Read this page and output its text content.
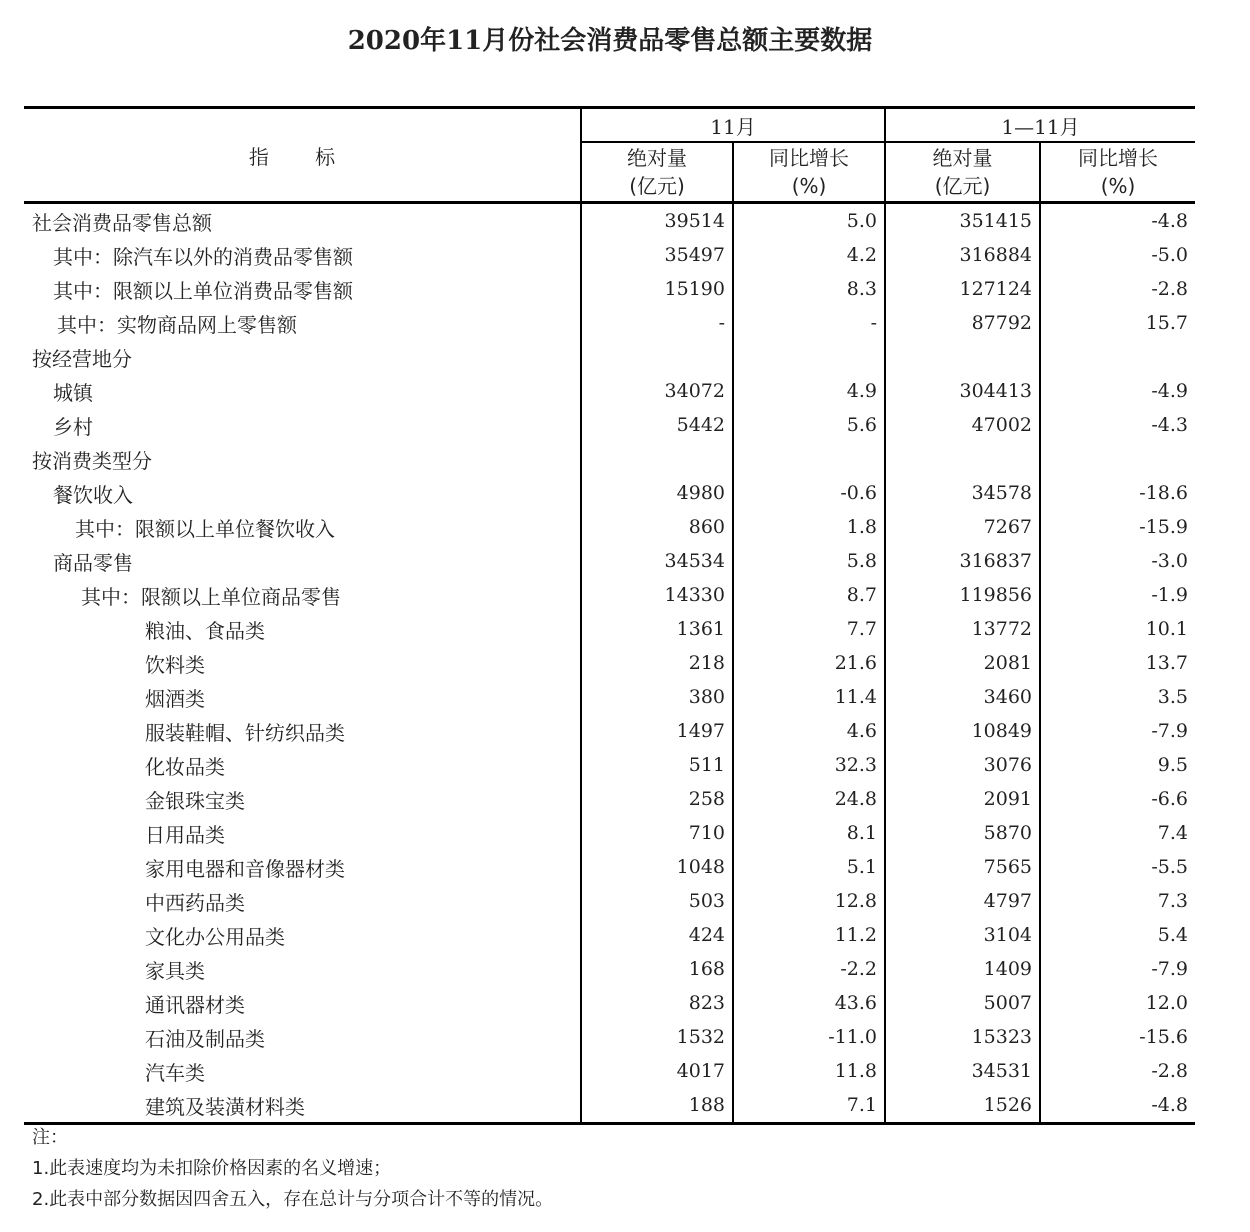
2020年11月份社会消费品零售总额主要数据
指 标	11月		1—11月	

绝对量
(亿元)

同比增长
(%)

绝对量
(亿元)

同比增长
(%)

社会消费品零售总额	39514	5.0	351415	-4.8
其中：除汽车以外的消费品零售额	35497	4.2	316884	-5.0
其中：限额以上单位消费品零售额	15190	8.3	127124	-2.8
其中：实物商品网上零售额	-	-	87792	15.7
按经营地分				
城镇	34072	4.9	304413	-4.9
乡村	5442	5.6	47002	-4.3
按消费类型分				
餐饮收入	4980	-0.6	34578	-18.6
其中：限额以上单位餐饮收入	860	1.8	7267	-15.9
商品零售	34534	5.8	316837	-3.0
其中：限额以上单位商品零售	14330	8.7	119856	-1.9
粮油、食品类	1361	7.7	13772	10.1
饮料类	218	21.6	2081	13.7
烟酒类	380	11.4	3460	3.5
服装鞋帽、针纺织品类	1497	4.6	10849	-7.9
化妆品类	511	32.3	3076	9.5
金银珠宝类	258	24.8	2091	-6.6
日用品类	710	8.1	5870	7.4
家用电器和音像器材类	1048	5.1	7565	-5.5
中西药品类	503	12.8	4797	7.3
文化办公用品类	424	11.2	3104	5.4
家具类	168	-2.2	1409	-7.9
通讯器材类	823	43.6	5007	12.0
石油及制品类	1532	-11.0	15323	-15.6
汽车类	4017	11.8	34531	-2.8
建筑及装潢材料类	188	7.1	1526	-4.8
注：
1.此表速度均为未扣除价格因素的名义增速；
2.此表中部分数据因四舍五入，存在总计与分项合计不等的情况。
